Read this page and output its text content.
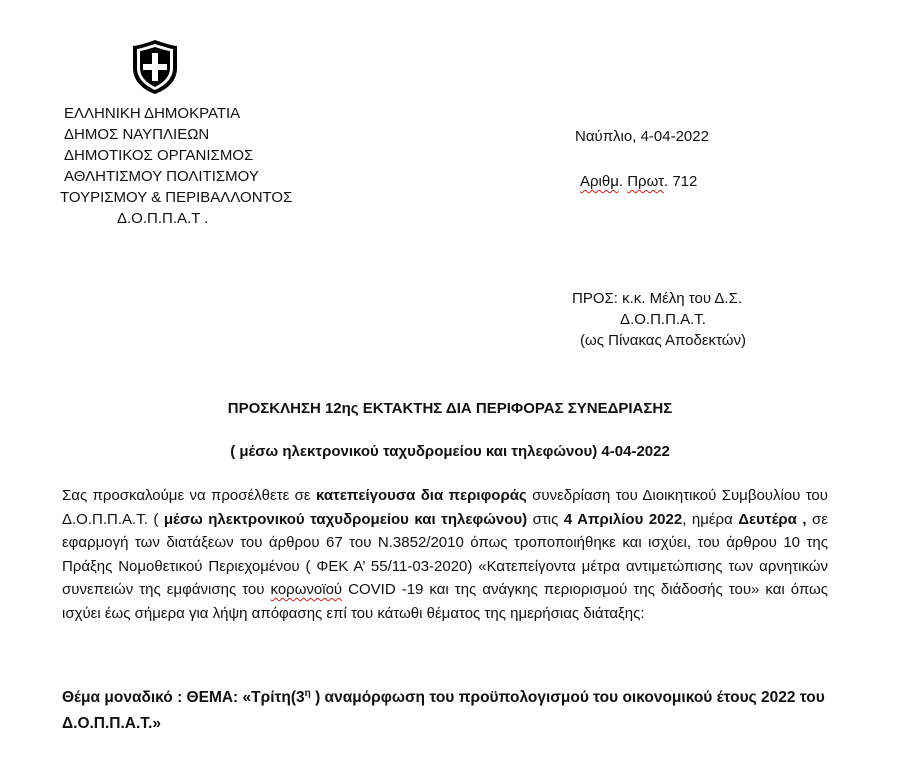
ΕΛΛΗΝΙΚΗ ΔΗΜΟΚΡΑΤΙΑ

ΔΗΜΟΣ ΝΑΥΠΛΙΕΩΝ

ΔΗΜΟΤΙΚΟΣ ΟΡΓΑΝΙΣΜΟΣ

ΑΘΛΗΤΙΣΜΟΥ ΠΟΛΙΤΙΣΜΟΥ

ΤΟΥΡΙΣΜΟΥ & ΠΕΡΙΒΑΛΛΟΝΤΟΣ

Δ.Ο.Π.Π.Α.Τ .

Ναύπλιο, 4-04-2022
Αριθμ. Πρωτ. 712
ΠΡΟΣ: κ.κ. Μέλη του Δ.Σ.
Δ.Ο.Π.Π.Α.Τ.
(ως Πίνακας Αποδεκτών)
ΠΡΟΣΚΛΗΣΗ 12ης ΕΚΤΑΚΤΗΣ ΔΙΑ ΠΕΡΙΦΟΡΑΣ ΣΥΝΕΔΡΙΑΣΗΣ
( μέσω ηλεκτρονικού ταχυδρομείου και τηλεφώνου) 4-04-2022
Σας προσκαλούμε να προσέλθετε σε κατεπείγουσα δια περιφοράς συνεδρίαση του Διοικητικού Συμβουλίου του Δ.Ο.Π.Π.Α.Τ. ( μέσω ηλεκτρονικού ταχυδρομείου και τηλεφώνου) στις 4 Απριλίου 2022, ημέρα Δευτέρα , σε εφαρμογή των διατάξεων του άρθρου 67 του Ν.3852/2010 όπως τροποποιήθηκε και ισχύει, του άρθρου 10 της Πράξης Νομοθετικού Περιεχομένου ( ΦΕΚ Α’ 55/11-03-2020) «Κατεπείγοντα μέτρα αντιμετώπισης των αρνητικών συνεπειών της εμφάνισης του κορωνοϊού COVID -19 και της ανάγκης περιορισμού της διάδοσής του» και όπως ισχύει έως σήμερα για λήψη απόφασης επί του κάτωθι θέματος της ημερήσιας διάταξης:
Θέμα μοναδικό : ΘΕΜΑ: «$T\rho ί\tau\eta(3^\eta$ ) αναμόρφωση του προϋπολογισμού του οικονομικού έτους 2022 του Δ.Ο.Π.Π.Α.Τ.»
